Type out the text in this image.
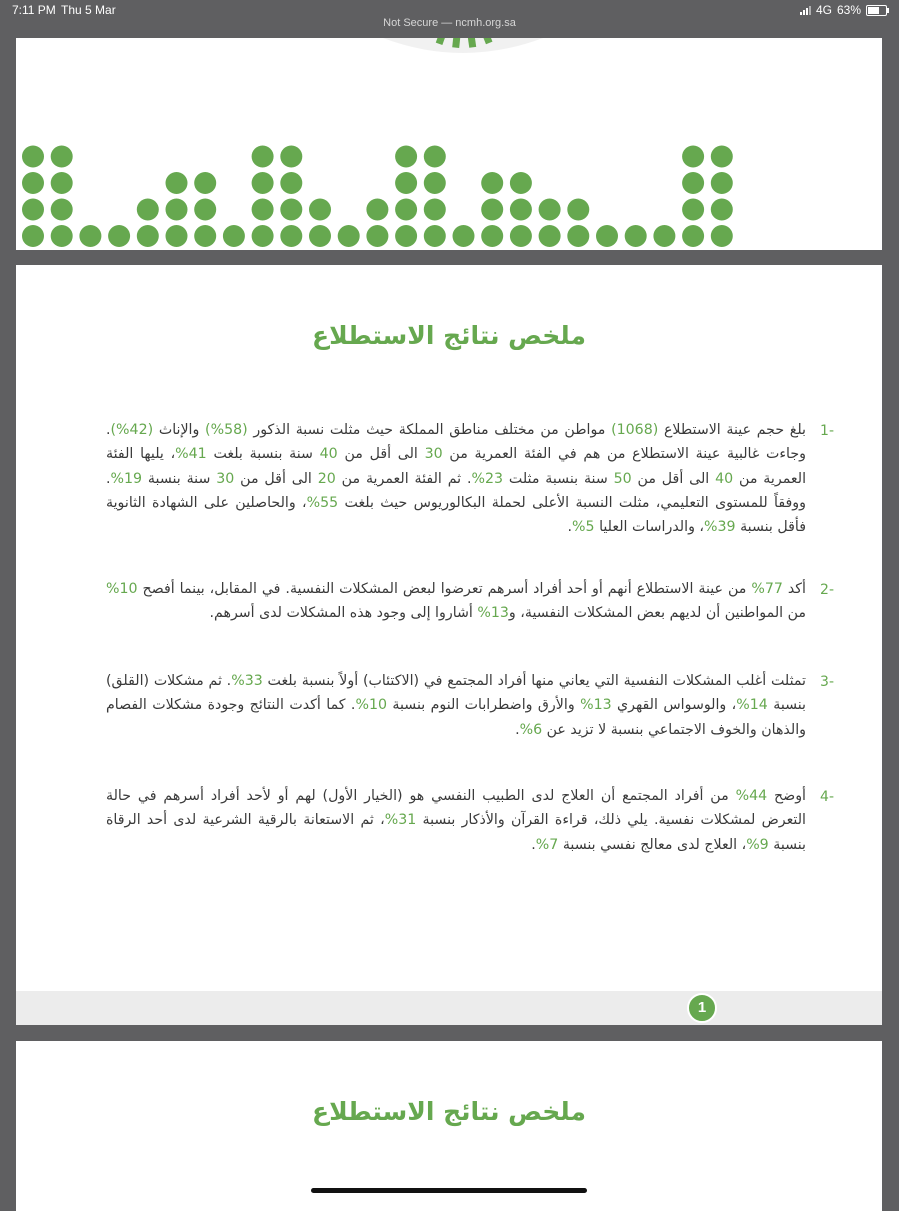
7:11 PM Thu 5 Mar	4G 63%
Not Secure — ncmh.org.sa
ملخص نتائج الاستطلاع
-1
بلغ حجم عينة الاستطلاع (1068) مواطن من مختلف مناطق المملكة حيث مثلت نسبة الذكور (58%) والإناث (42%). وجاءت غالبية عينة الاستطلاع من هم في الفئة العمرية من 30 الى أقل من 40 سنة بنسبة بلغت 41%، يليها الفئة العمرية من 40 الى أقل من 50 سنة بنسبة مثلت 23%. ثم الفئة العمرية من 20 الى أقل من 30 سنة بنسبة 19%. ووفقاً للمستوى التعليمي، مثلت النسبة الأعلى لحملة البكالوريوس حيث بلغت 55%، والحاصلين على الشهادة الثانوية فأقل بنسبة 39%، والدراسات العليا 5%.
-2
أكد 77% من عينة الاستطلاع أنهم أو أحد أفراد أسرهم تعرضوا لبعض المشكلات النفسية. في المقابل، بينما أفصح 10% من المواطنين أن لديهم بعض المشكلات النفسية، و13% أشاروا إلى وجود هذه المشكلات لدى أسرهم.
-3
تمثلت أغلب المشكلات النفسية التي يعاني منها أفراد المجتمع في (الاكتئاب) أولاً بنسبة بلغت 33%. ثم مشكلات (القلق) بنسبة 14%، والوسواس القهري 13% والأرق واضطرابات النوم بنسبة 10%. كما أكدت النتائج وجودة مشكلات الفصام والذهان والخوف الاجتماعي بنسبة لا تزيد عن 6%.
-4
أوضح 44% من أفراد المجتمع أن العلاج لدى الطبيب النفسي هو (الخيار الأول) لهم أو لأحد أفراد أسرهم في حالة التعرض لمشكلات نفسية. يلي ذلك، قراءة القرآن والأذكار بنسبة 31%، ثم الاستعانة بالرقية الشرعية لدى أحد الرقاة بنسبة 9%، العلاج لدى معالج نفسي بنسبة 7%.
1
ملخص نتائج الاستطلاع
